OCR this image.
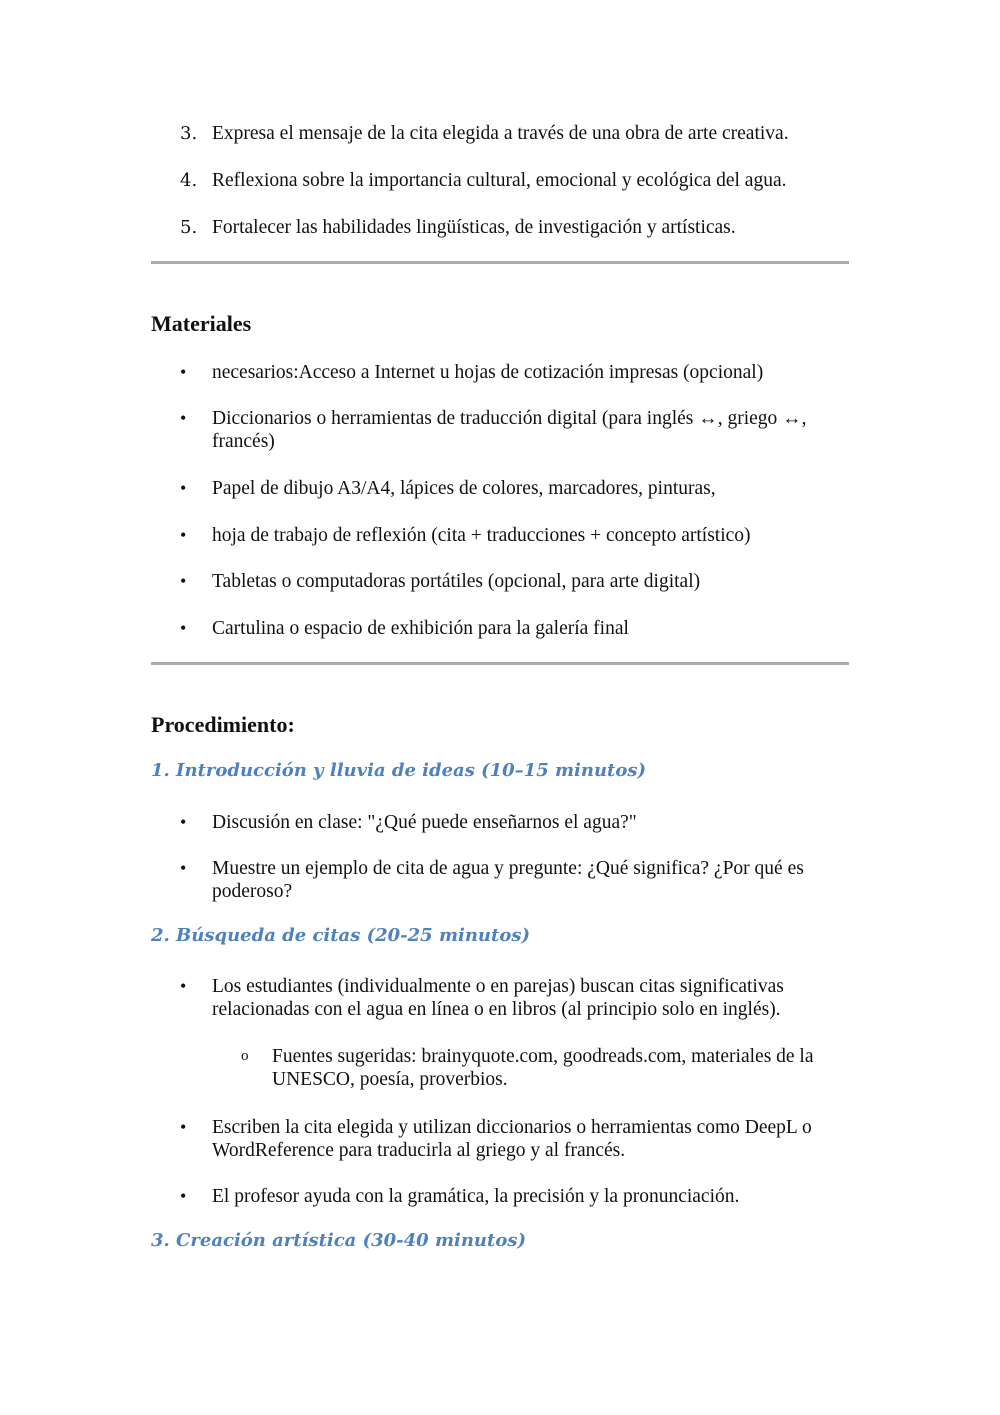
3. Expresa el mensaje de la cita elegida a través de una obra de arte creativa.
4. Reflexiona sobre la importancia cultural, emocional y ecológica del agua.
5. Fortalecer las habilidades lingüísticas, de investigación y artísticas.
Materiales
• necesarios:Acceso a Internet u hojas de cotización impresas (opcional)
• Diccionarios o herramientas de traducción digital (para inglés ↔, griego ↔, francés)
• Papel de dibujo A3/A4, lápices de colores, marcadores, pinturas,
• hoja de trabajo de reflexión (cita + traducciones + concepto artístico)
• Tabletas o computadoras portátiles (opcional, para arte digital)
• Cartulina o espacio de exhibición para la galería final
Procedimiento:
1. Introducción y lluvia de ideas (10–15 minutos)
• Discusión en clase: "¿Qué puede enseñarnos el agua?"
• Muestre un ejemplo de cita de agua y pregunte: ¿Qué significa? ¿Por qué es poderoso?
2. Búsqueda de citas (20-25 minutos)
• Los estudiantes (individualmente o en parejas) buscan citas significativas relacionadas con el agua en línea o en libros (al principio solo en inglés).
o Fuentes sugeridas: brainyquote.com, goodreads.com, materiales de la UNESCO, poesía, proverbios.
• Escriben la cita elegida y utilizan diccionarios o herramientas como DeepL o WordReference para traducirla al griego y al francés.
• El profesor ayuda con la gramática, la precisión y la pronunciación.
3. Creación artística (30-40 minutos)
